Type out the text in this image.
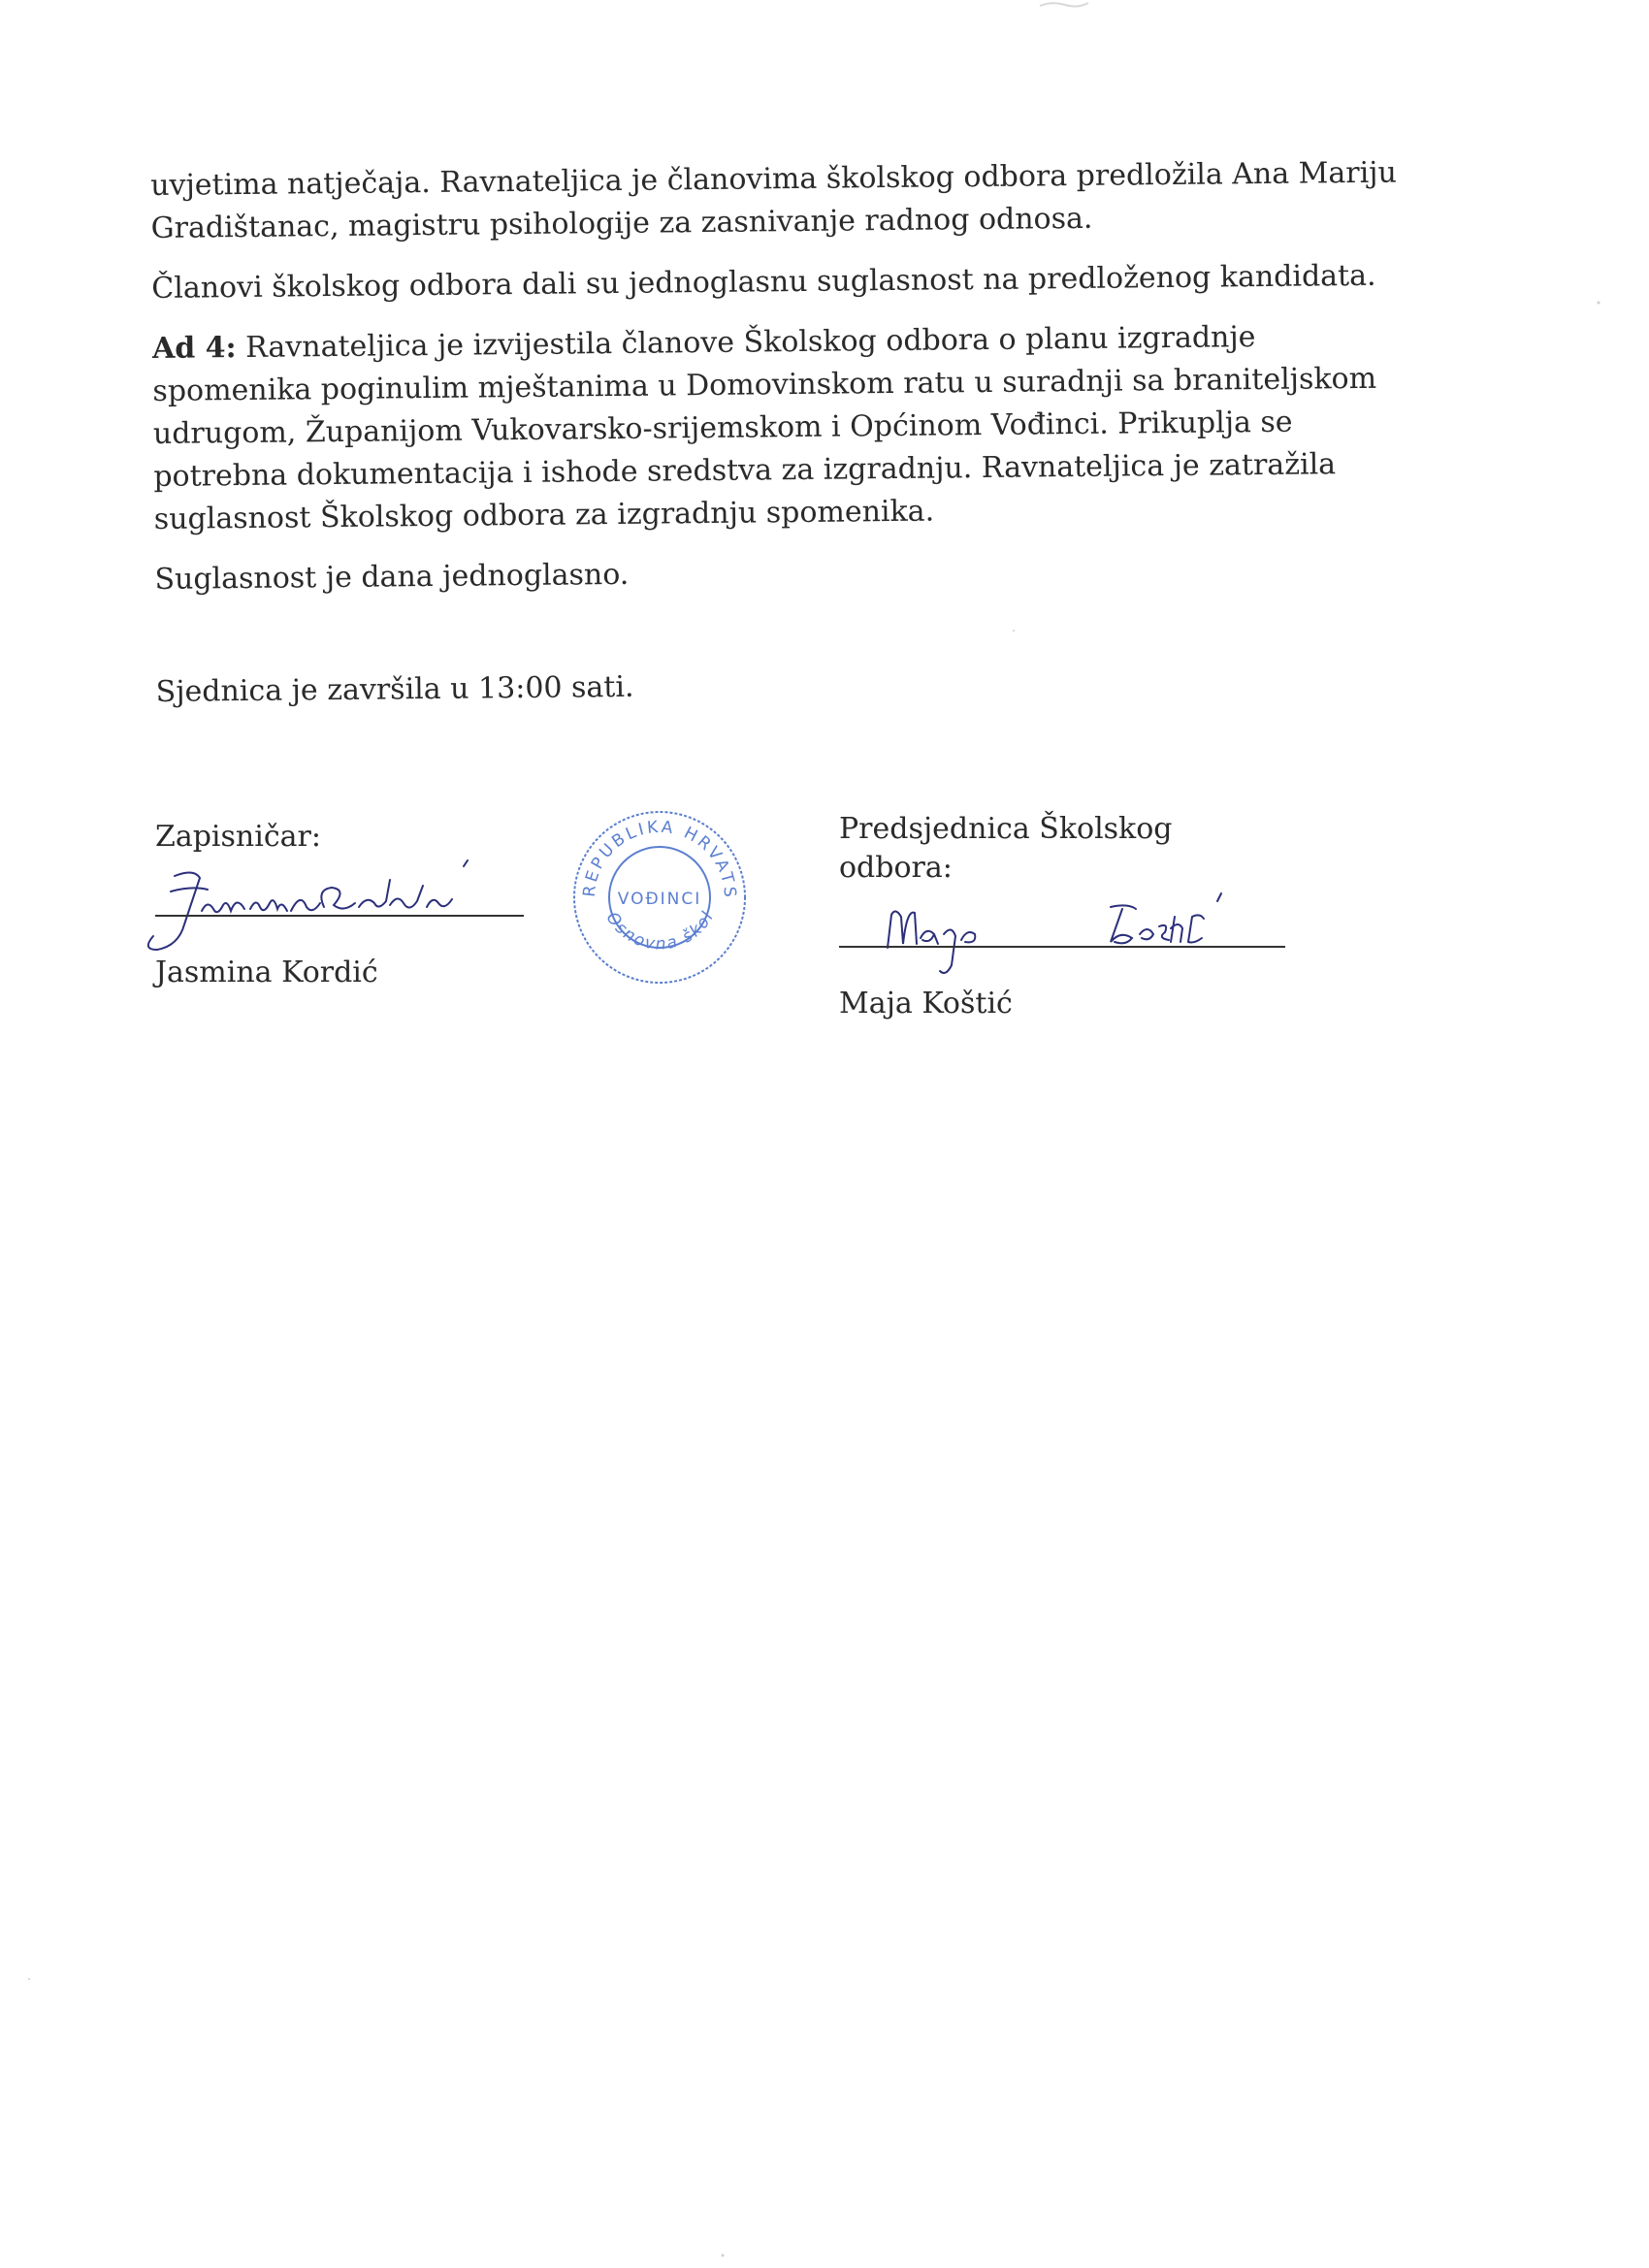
uvjetima natječaja. Ravnateljica je članovima školskog odbora predložila Ana Mariju Gradištanac, magistru psihologije za zasnivanje radnog odnosa.

Članovi školskog odbora dali su jednoglasnu suglasnost na predloženog kandidata.

Ad 4: Ravnateljica je izvijestila članove Školskog odbora o planu izgradnje spomenika poginulim mještanima u Domovinskom ratu u suradnji sa braniteljskom udrugom, Županijom Vukovarsko-srijemskom i Općinom Vođinci. Prikuplja se potrebna dokumentacija i ishode sredstva za izgradnju. Ravnateljica je zatražila suglasnost Školskog odbora za izgradnju spomenika.

Suglasnost je dana jednoglasno.

Sjednica je završila u 13:00 sati.

Zapisničar:
Jasmina Kordić
REPUBLIKA HRVATS
VOĐINCI
Osnovna škol
Predsjednica Školskog odbora:
Maja Koštić
